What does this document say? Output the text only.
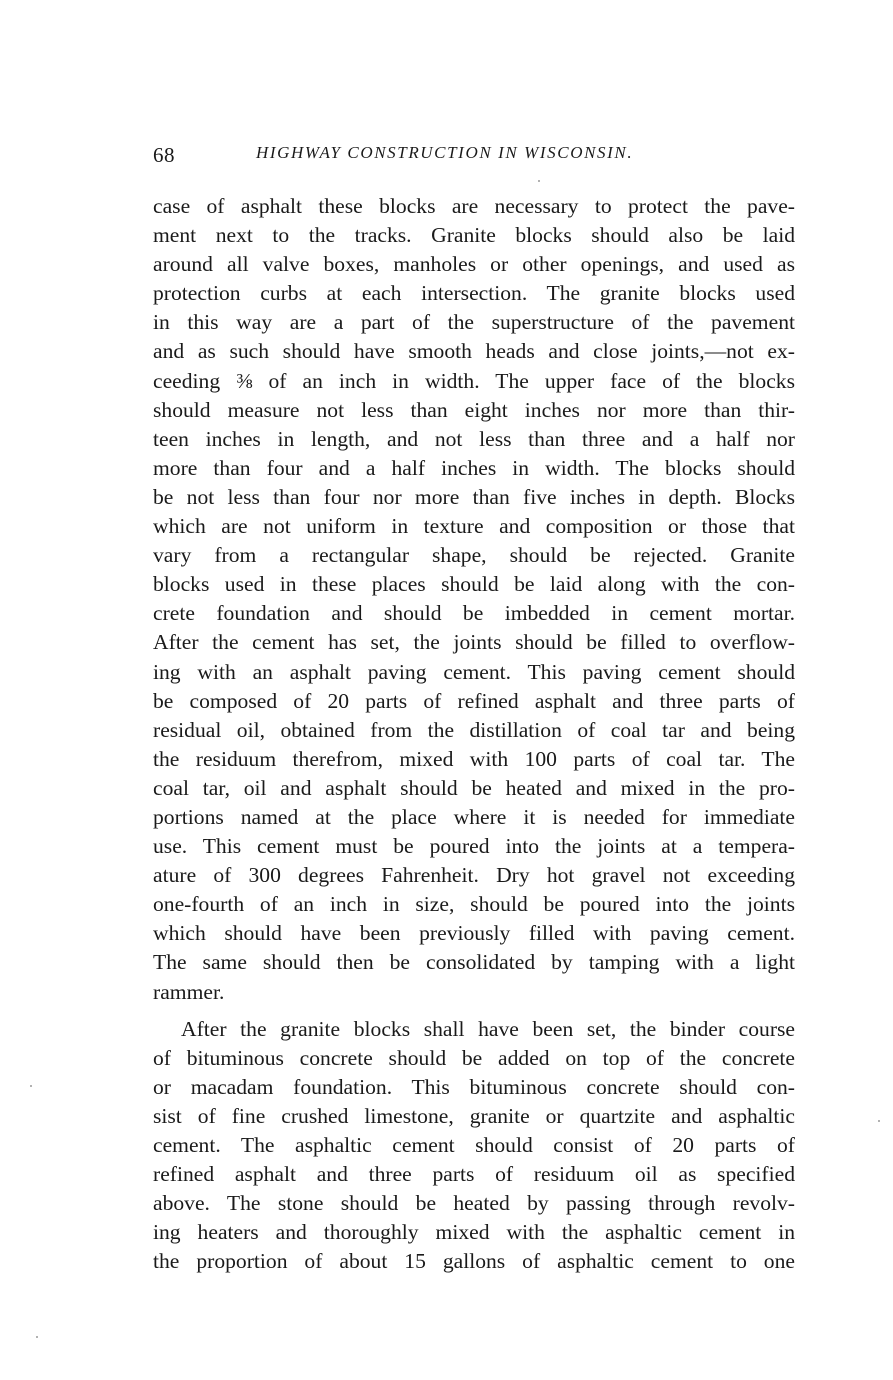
68	HIGHWAY CONSTRUCTION IN WISCONSIN.
case of asphalt these blocks are necessary to protect the pave-
ment next to the tracks. Granite blocks should also be laid
around all valve boxes, manholes or other openings, and used as
protection curbs at each intersection. The granite blocks used
in this way are a part of the superstructure of the pavement
and as such should have smooth heads and close joints,—not ex-
ceeding ⅜ of an inch in width. The upper face of the blocks
should measure not less than eight inches nor more than thir-
teen inches in length, and not less than three and a half nor
more than four and a half inches in width. The blocks should
be not less than four nor more than five inches in depth. Blocks
which are not uniform in texture and composition or those that
vary from a rectangular shape, should be rejected. Granite
blocks used in these places should be laid along with the con-
crete foundation and should be imbedded in cement mortar.
After the cement has set, the joints should be filled to overflow-
ing with an asphalt paving cement. This paving cement should
be composed of 20 parts of refined asphalt and three parts of
residual oil, obtained from the distillation of coal tar and being
the residuum therefrom, mixed with 100 parts of coal tar. The
coal tar, oil and asphalt should be heated and mixed in the pro-
portions named at the place where it is needed for immediate
use. This cement must be poured into the joints at a tempera-
ature of 300 degrees Fahrenheit. Dry hot gravel not exceeding
one-fourth of an inch in size, should be poured into the joints
which should have been previously filled with paving cement.
The same should then be consolidated by tamping with a light
rammer.
After the granite blocks shall have been set, the binder course
of bituminous concrete should be added on top of the concrete
or macadam foundation. This bituminous concrete should con-
sist of fine crushed limestone, granite or quartzite and asphaltic
cement. The asphaltic cement should consist of 20 parts of
refined asphalt and three parts of residuum oil as specified
above. The stone should be heated by passing through revolv-
ing heaters and thoroughly mixed with the asphaltic cement in
the proportion of about 15 gallons of asphaltic cement to one
